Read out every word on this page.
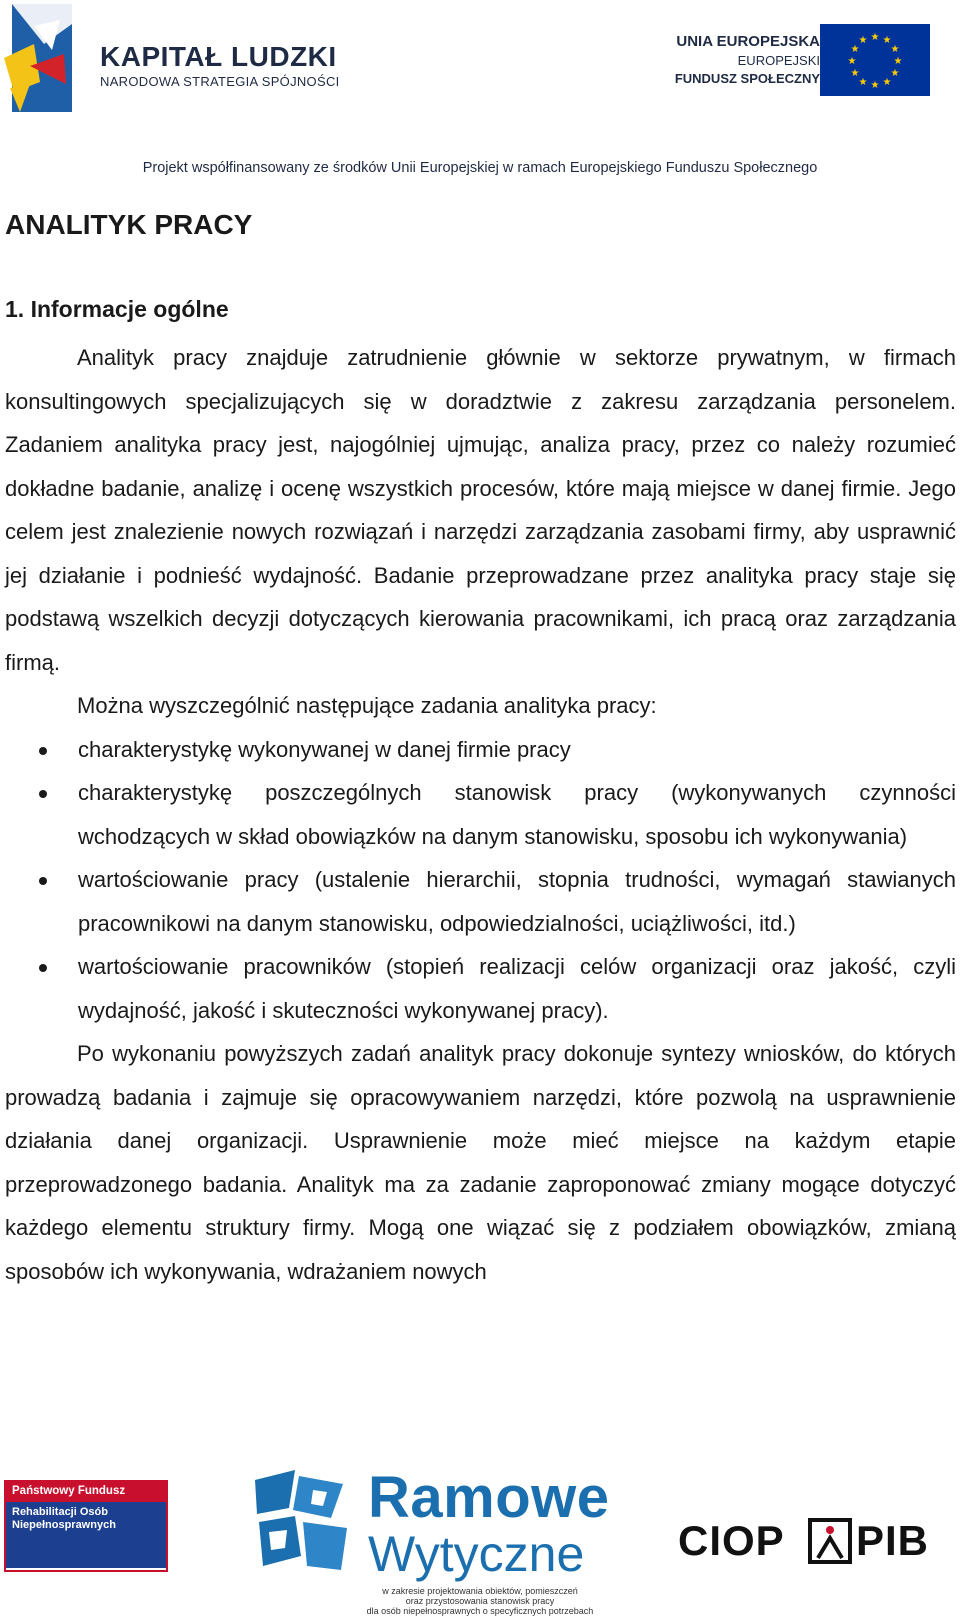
KAPITAŁ LUDZKI
NARODOWA STRATEGIA SPÓJNOŚCI
UNIA EUROPEJSKA
EUROPEJSKI
FUNDUSZ SPOŁECZNY
★ ★
★
★
★
★
★
★
★
★
★
★
Projekt współfinansowany ze środków Unii Europejskiej w ramach Europejskiego Funduszu Społecznego
ANALITYK PRACY
1. Informacje ogólne

Analityk pracy znajduje zatrudnienie głównie w sektorze prywatnym, w firmach konsultingowych specjalizujących się w doradztwie z zakresu zarządzania personelem. Zadaniem analityka pracy jest, najogólniej ujmując, analiza pracy, przez co należy rozumieć dokładne badanie, analizę i ocenę wszystkich procesów, które mają miejsce w danej firmie. Jego celem jest znalezienie nowych rozwiązań i narzędzi zarządzania zasobami firmy, aby usprawnić jej działanie i podnieść wydajność. Badanie przeprowadzane przez analityka pracy staje się podstawą wszelkich decyzji dotyczących kierowania pracownikami, ich pracą oraz zarządzania firmą.

Można wyszczególnić następujące zadania analityka pracy:

charakterystykę wykonywanej w danej firmie pracy
charakterystykę poszczególnych stanowisk pracy (wykonywanych czynności wchodzących w skład obowiązków na danym stanowisku, sposobu ich wykonywania)
wartościowanie pracy (ustalenie hierarchii, stopnia trudności, wymagań stawianych pracownikowi na danym stanowisku, odpowiedzialności, uciążliwości, itd.)
wartościowanie pracowników (stopień realizacji celów organizacji oraz jakość, czyli wydajność, jakość i skuteczności wykonywanej pracy).

Po wykonaniu powyższych zadań analityk pracy dokonuje syntezy wniosków, do których prowadzą badania i zajmuje się opracowywaniem narzędzi, które pozwolą na usprawnienie działania danej organizacji. Usprawnienie może mieć miejsce na każdym etapie przeprowadzonego badania. Analityk ma za zadanie zaproponować zmiany mogące dotyczyć każdego elementu struktury firmy. Mogą one wiązać się z podziałem obowiązków, zmianą sposobów ich wykonywania, wdrażaniem nowych

Państwowy Fundusz
Rehabilitacji Osób
Niepełnosprawnych	Ramowe
Wytyczne
w zakresie projektowania obiektów, pomieszczeń
oraz przystosowania stanowisk pracy
dla osób niepełnosprawnych o specyficznych potrzebach
CIOP PIB
